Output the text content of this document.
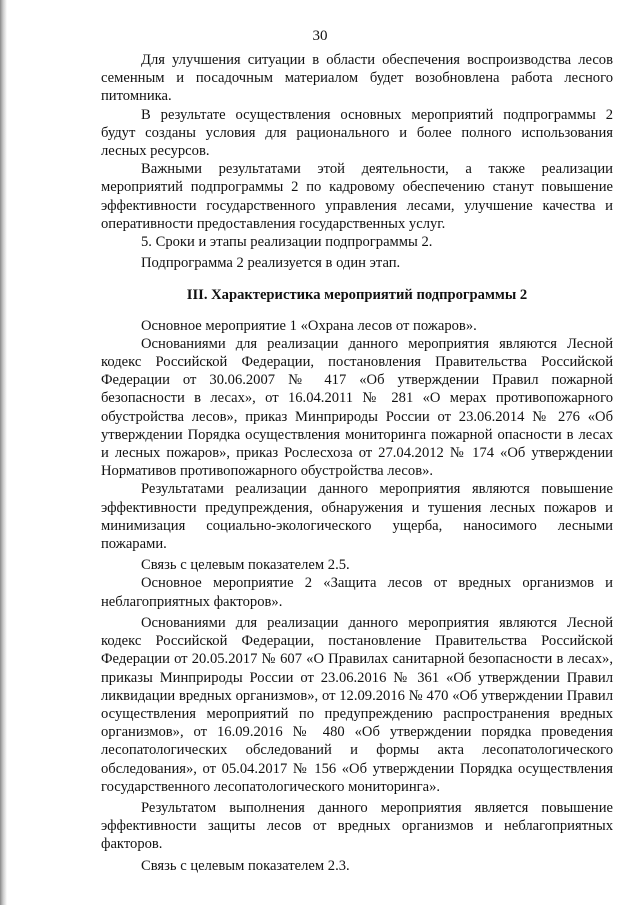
30

Для улучшения ситуации в области обеспечения воспроизводства лесов семенным и посадочным материалом будет возобновлена работа лесного питомника.

В результате осуществления основных мероприятий подпрограммы 2 будут созданы условия для рационального и более полного использования лесных ресурсов.

Важными результатами этой деятельности, а также реализации мероприятий подпрограммы 2 по кадровому обеспечению станут повышение эффективности государственного управления лесами, улучшение качества и оперативности предоставления государственных услуг.

5. Сроки и этапы реализации подпрограммы 2.

Подпрограмма 2 реализуется в один этап.

III. Характеристика мероприятий подпрограммы 2

Основное мероприятие 1 «Охрана лесов от пожаров».

Основаниями для реализации данного мероприятия являются Лесной кодекс Российской Федерации, постановления Правительства Российской Федерации от 30.06.2007 № 417 «Об утверждении Правил пожарной безопасности в лесах», от 16.04.2011 № 281 «О мерах противопожарного обустройства лесов», приказ Минприроды России от 23.06.2014 № 276 «Об утверждении Порядка осуществления мониторинга пожарной опасности в лесах и лесных пожаров», приказ Рослесхоза от 27.04.2012 № 174 «Об утверждении Нормативов противопожарного обустройства лесов».

Результатами реализации данного мероприятия являются повышение эффективности предупреждения, обнаружения и тушения лесных пожаров и минимизация социально-экологического ущерба, наносимого лесными пожарами.

Связь с целевым показателем 2.5.

Основное мероприятие 2 «Защита лесов от вредных организмов и неблагоприятных факторов».

Основаниями для реализации данного мероприятия являются Лесной кодекс Российской Федерации, постановление Правительства Российской Федерации от 20.05.2017 № 607 «О Правилах санитарной безопасности в лесах», приказы Минприроды России от 23.06.2016 № 361 «Об утверждении Правил ликвидации вредных организмов», от 12.09.2016 № 470 «Об утверждении Правил осуществления мероприятий по предупреждению распространения вредных организмов», от 16.09.2016 № 480 «Об утверждении порядка проведения лесопатологических обследований и формы акта лесопатологического обследования», от 05.04.2017 № 156 «Об утверждении Порядка осуществления государственного лесопатологического мониторинга».

Результатом выполнения данного мероприятия является повышение эффективности защиты лесов от вредных организмов и неблагоприятных факторов.

Связь с целевым показателем 2.3.
